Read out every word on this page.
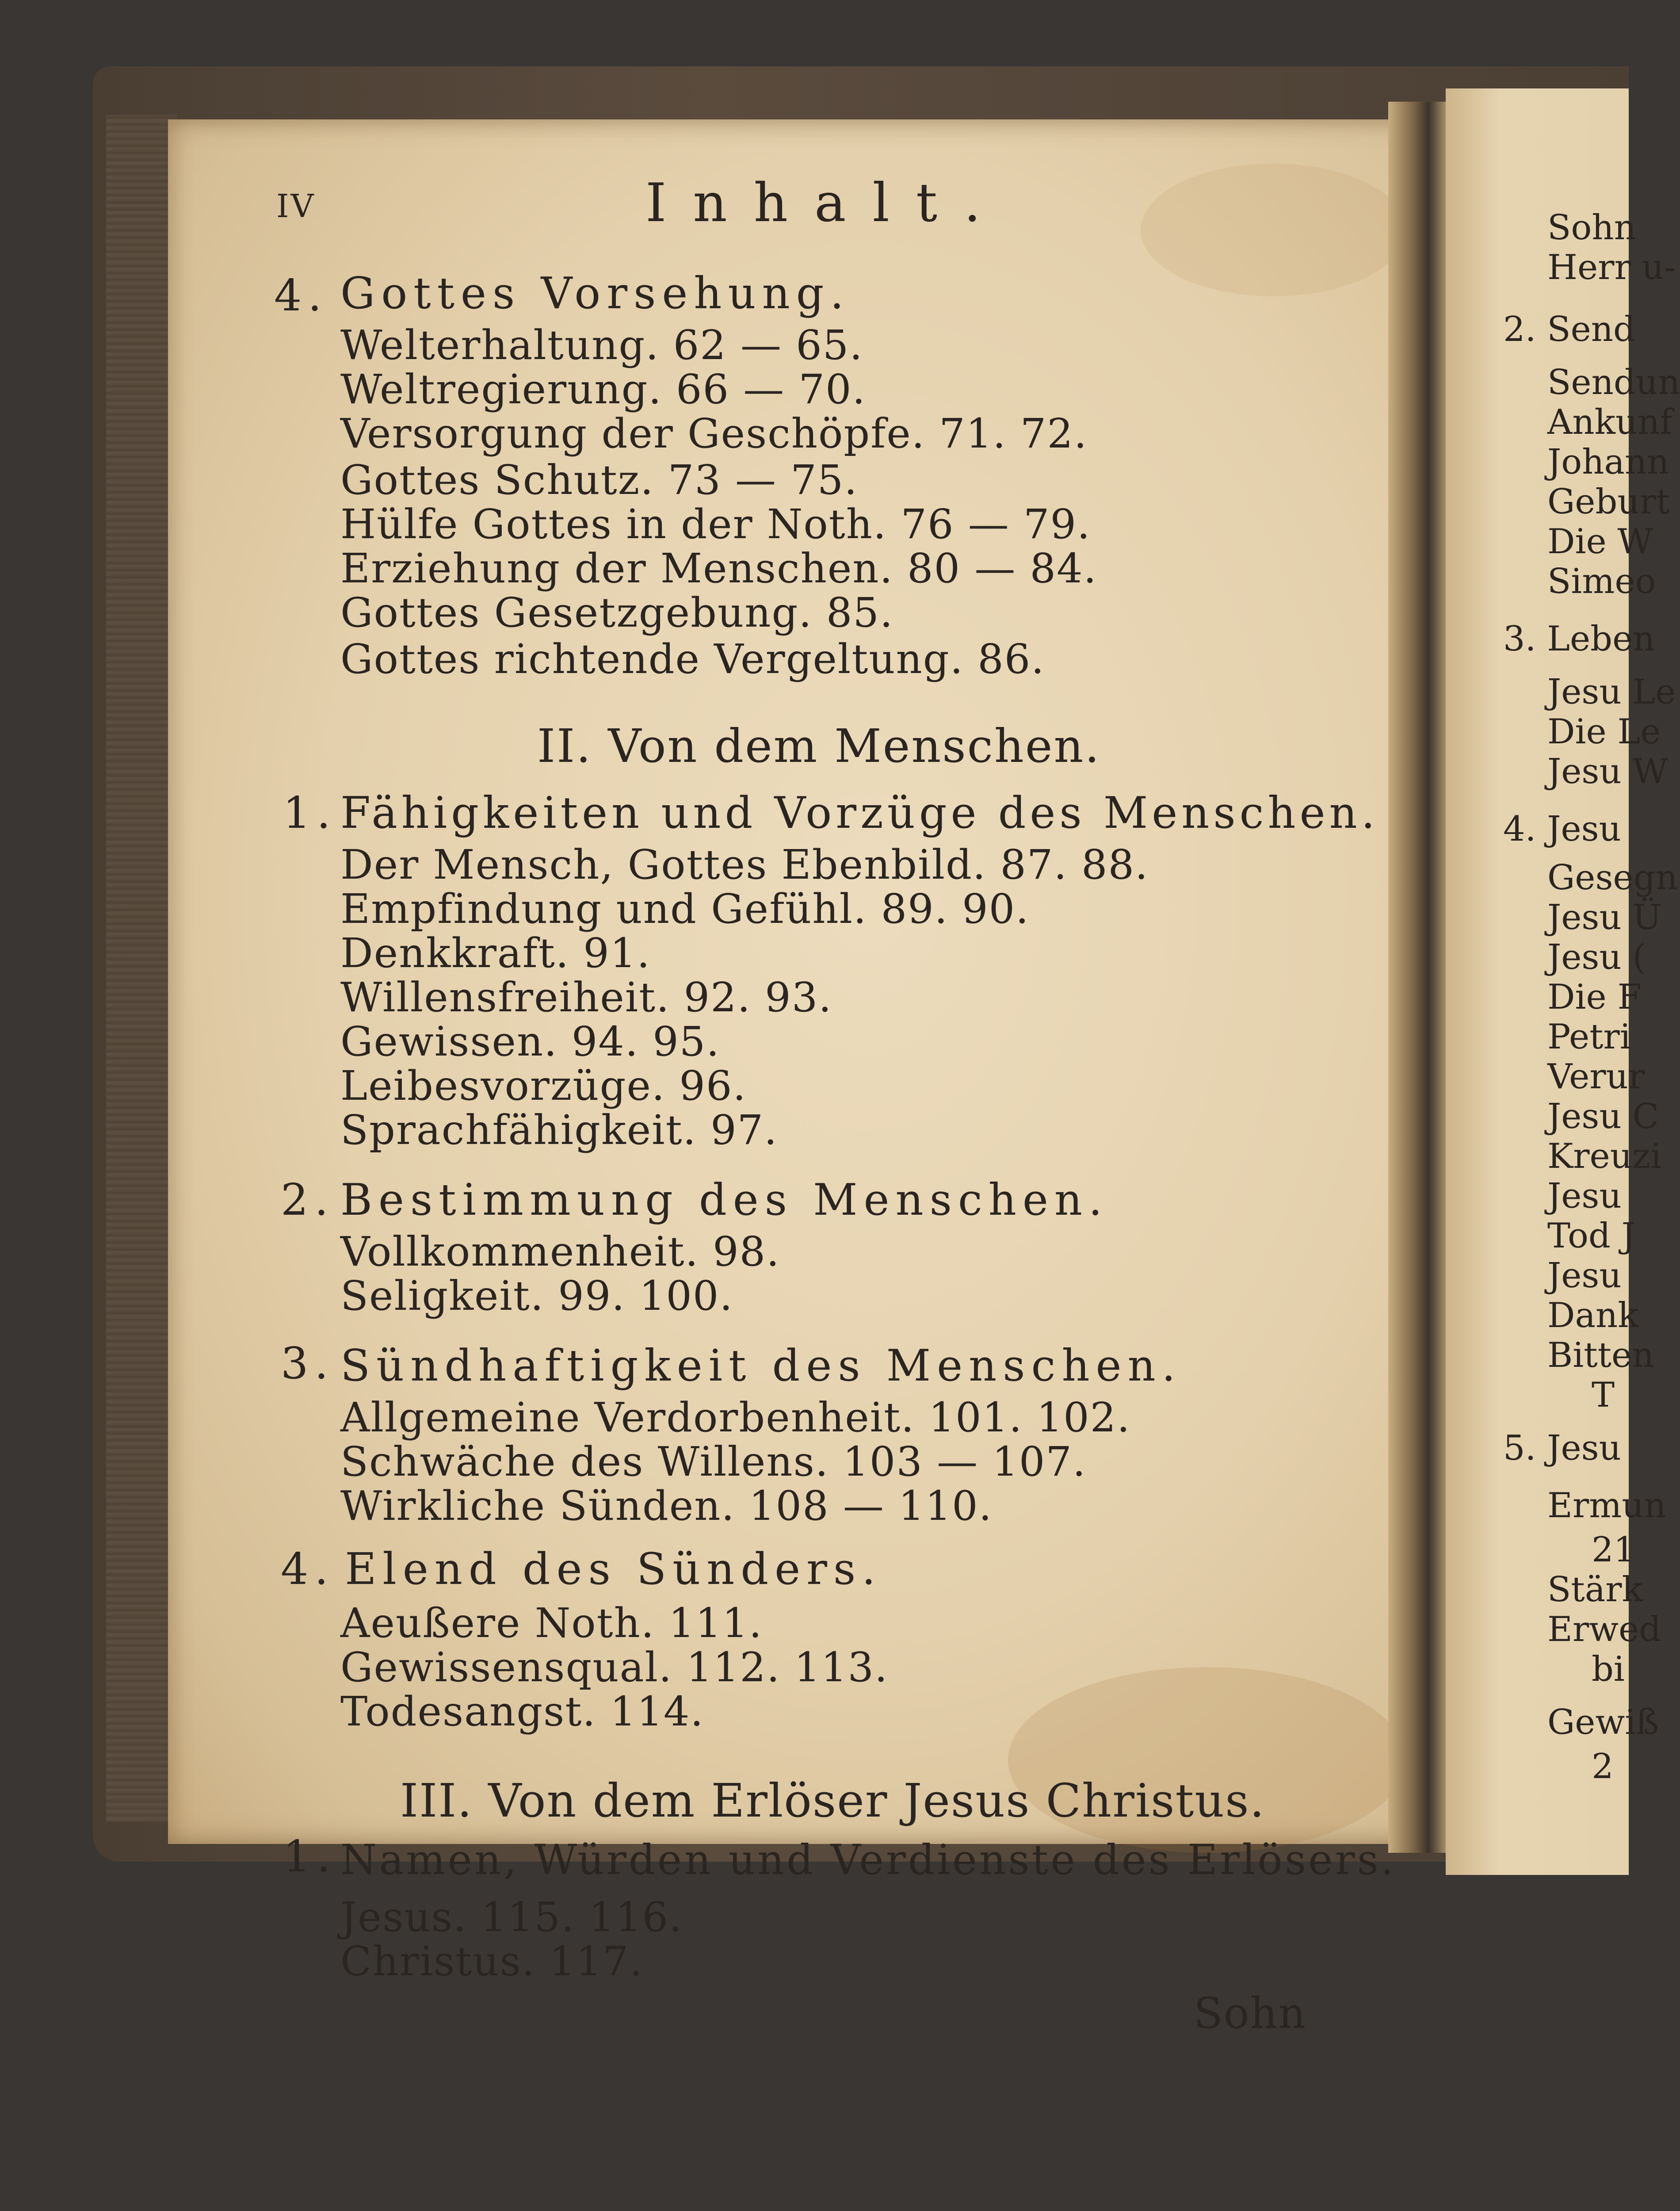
Sohn
Herr u-
2. Send
Sendun
Ankunf
Johann
Geburt
Die W
Simeo
3. Leben
Jesu Le
Die Le
Jesu W
4. Jesu
Gesegn
Jesu Ü
Jesu (
Die F
Petri
Verur
Jesu C
Kreuzi
Jesu
Tod J
Jesu
Dank
Bitten
T
5. Jesu
Ermun
21
Stärk
Erwed
bi
Gewiß
2
IV	Inhalt.
4. Gottes Vorsehung.
Welterhaltung. 62 — 65.
Weltregierung. 66 — 70.
Versorgung der Geschöpfe. 71. 72.
Gottes Schutz. 73 — 75.
Hülfe Gottes in der Noth. 76 — 79.
Erziehung der Menschen. 80 — 84.
Gottes Gesetzgebung. 85.
Gottes richtende Vergeltung. 86.
II. Von dem Menschen.
1. Fähigkeiten und Vorzüge des Menschen.
Der Mensch, Gottes Ebenbild. 87. 88.
Empfindung und Gefühl. 89. 90.
Denkkraft. 91.
Willensfreiheit. 92. 93.
Gewissen. 94. 95.
Leibesvorzüge. 96.
Sprachfähigkeit. 97.
2. Bestimmung des Menschen.
Vollkommenheit. 98.
Seligkeit. 99. 100.
3. Sündhaftigkeit des Menschen.
Allgemeine Verdorbenheit. 101. 102.
Schwäche des Willens. 103 — 107.
Wirkliche Sünden. 108 — 110.
4. Elend des Sünders.
Aeußere Noth. 111.
Gewissensqual. 112. 113.
Todesangst. 114.
III. Von dem Erlöser Jesus Christus.
1. Namen, Würden und Verdienste des Erlösers.
Jesus. 115. 116.
Christus. 117.
Sohn
